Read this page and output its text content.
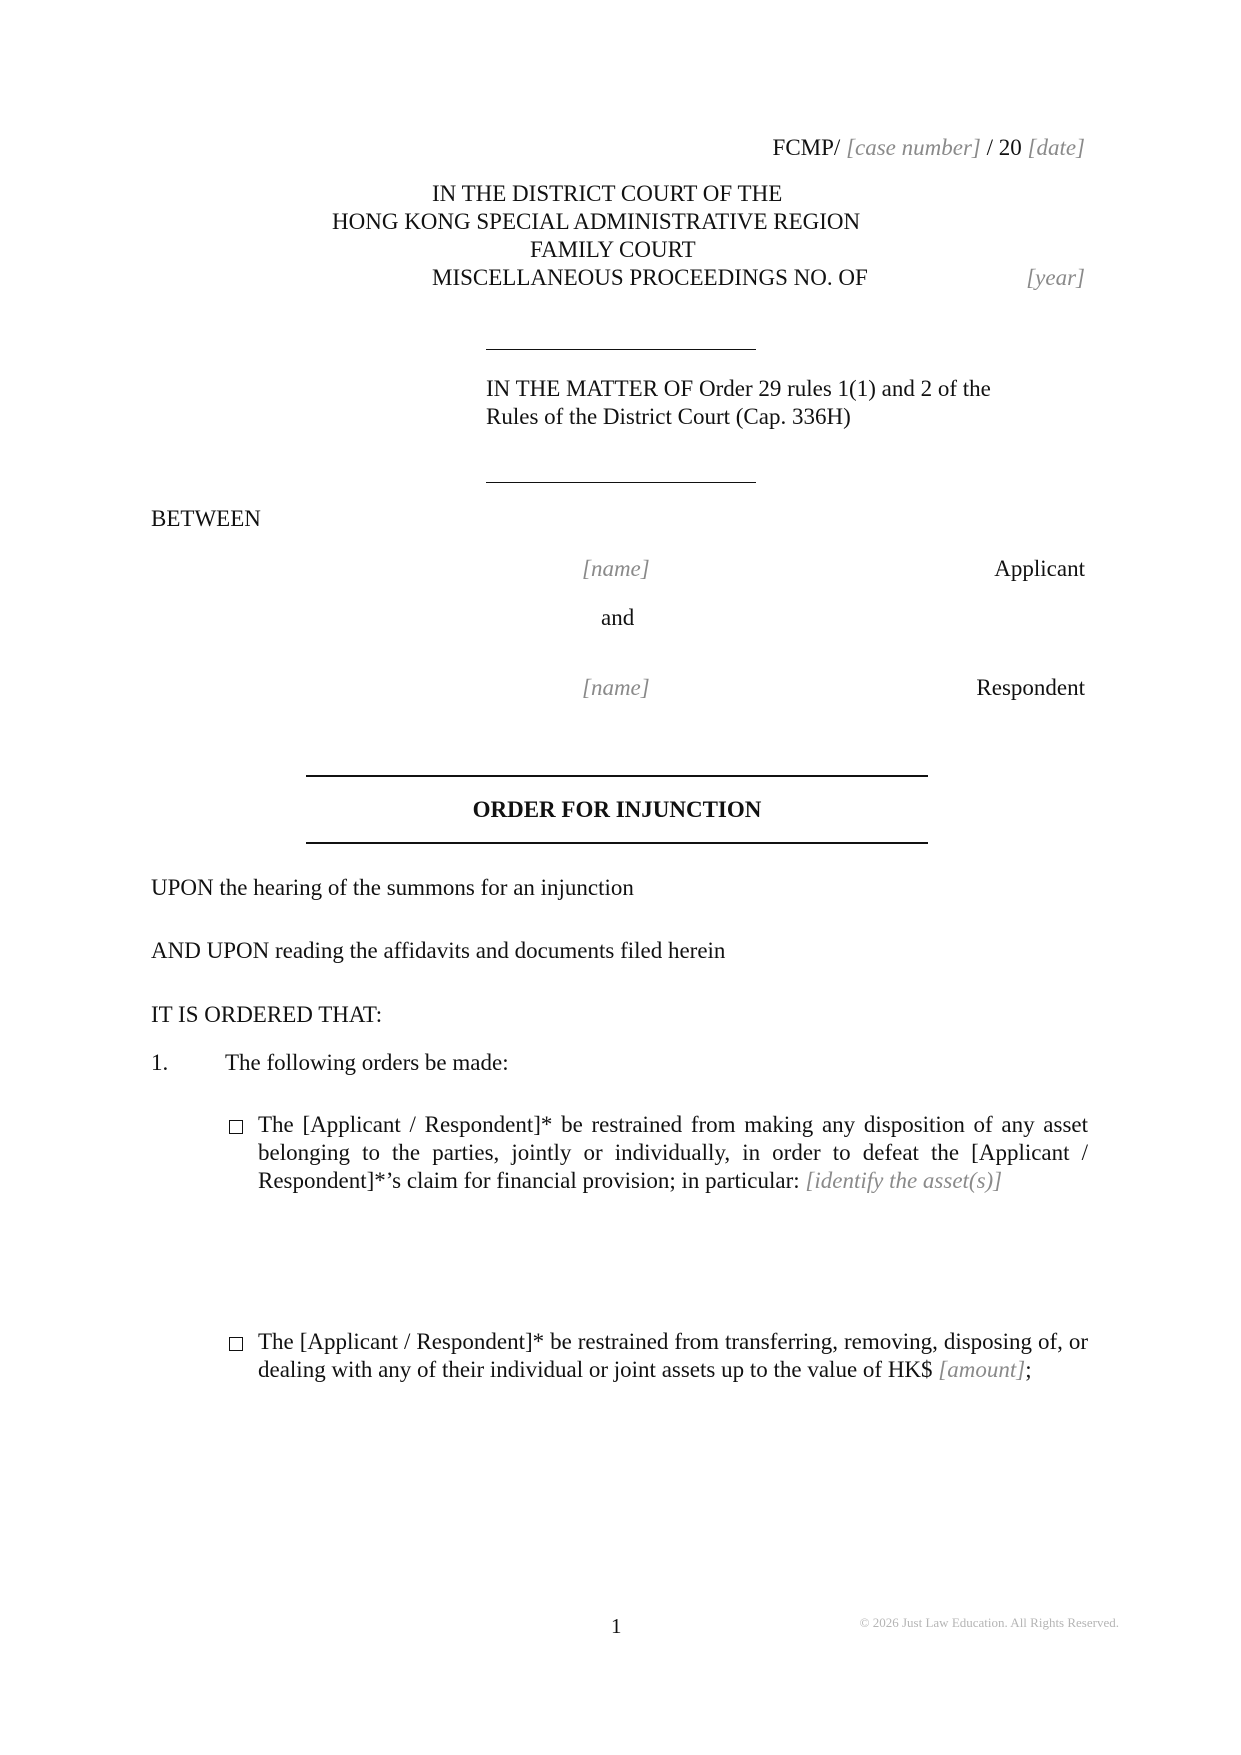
FCMP/ [case number] / 20 [date]
IN THE DISTRICT COURT OF THE
HONG KONG SPECIAL ADMINISTRATIVE REGION
FAMILY COURT
MISCELLANEOUS PROCEEDINGS NO. OF	[year]
IN THE MATTER OF Order 29 rules 1(1) and 2 of the
Rules of the District Court (Cap. 336H)
BETWEEN
[name]	Applicant
and
[name]	Respondent
ORDER FOR INJUNCTION
UPON the hearing of the summons for an injunction
AND UPON reading the affidavits and documents filed herein
IT IS ORDERED THAT:
1. The following orders be made:
The [Applicant / Respondent]* be restrained from making any disposition of any asset belonging to the parties, jointly or individually, in order to defeat the [Applicant / Respondent]*’s claim for financial provision; in particular: [identify the asset(s)]
The [Applicant / Respondent]* be restrained from transferring, removing, disposing of, or dealing with any of their individual or joint assets up to the value of HK$ [amount];
1	© 2026 Just Law Education. All Rights Reserved.
